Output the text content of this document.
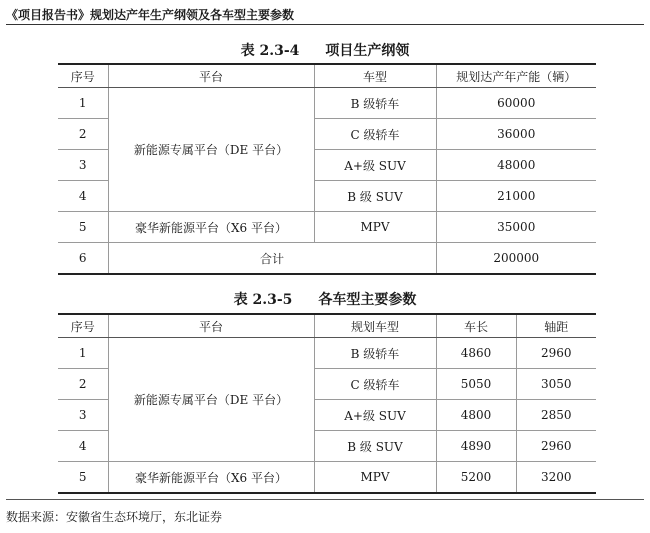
《项目报告书》规划达产年生产纲领及各车型主要参数
表 2.3-4 项目生产纲领
序号	平台	车型	规划达产年产能（辆）
1	新能源专属平台（DE 平台）	B 级轿车	60000
2		C 级轿车	36000
3		A+级 SUV	48000
4		B 级 SUV	21000
5	豪华新能源平台（X6 平台）	MPV	35000
6	合计		200000
表 2.3-5 各车型主要参数
序号	平台	规划车型	车长	轴距
1	新能源专属平台（DE 平台）	B 级轿车	4860	2960
2		C 级轿车	5050	3050
3		A+级 SUV	4800	2850
4		B 级 SUV	4890	2960
5	豪华新能源平台（X6 平台）	MPV	5200	3200
数据来源：安徽省生态环境厅，东北证券
